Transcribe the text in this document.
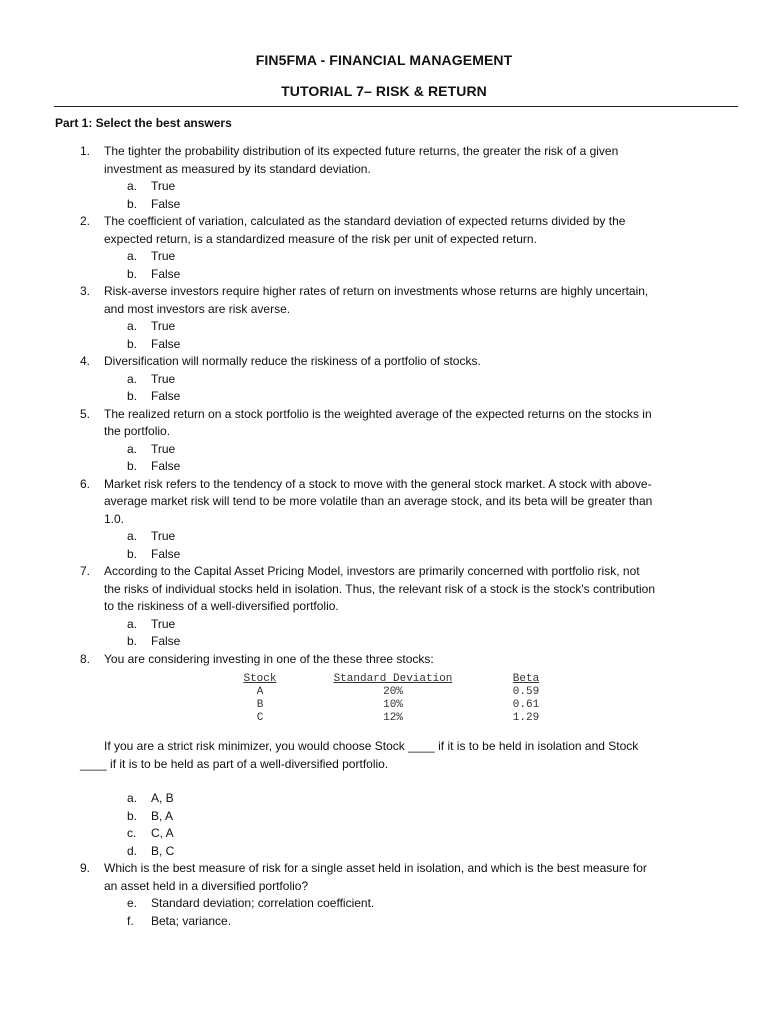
FIN5FMA - FINANCIAL MANAGEMENT
TUTORIAL 7– RISK & RETURN
Part 1: Select the best answers
1. The tighter the probability distribution of its expected future returns, the greater the risk of a given
investment as measured by its standard deviation.
a. True
b. False
2. The coefficient of variation, calculated as the standard deviation of expected returns divided by the
expected return, is a standardized measure of the risk per unit of expected return.
a. True
b. False
3. Risk-averse investors require higher rates of return on investments whose returns are highly uncertain,
and most investors are risk averse.
a. True
b. False
4. Diversification will normally reduce the riskiness of a portfolio of stocks.
a. True
b. False
5. The realized return on a stock portfolio is the weighted average of the expected returns on the stocks in
the portfolio.
a. True
b. False
6. Market risk refers to the tendency of a stock to move with the general stock market. A stock with above-
average market risk will tend to be more volatile than an average stock, and its beta will be greater than
1.0.
a. True
b. False
7. According to the Capital Asset Pricing Model, investors are primarily concerned with portfolio risk, not
the risks of individual stocks held in isolation. Thus, the relevant risk of a stock is the stock's contribution
to the riskiness of a well-diversified portfolio.
a. True
b. False
8. You are considering investing in one of the these three stocks:
Stock	Standard Deviation	Beta
A	20%	0.59
B	10%	0.61
C	12%	1.29
If you are a strict risk minimizer, you would choose Stock ____ if it is to be held in isolation and Stock
____ if it is to be held as part of a well-diversified portfolio.
a. A, B
b. B, A
c. C, A
d. B, C
9. Which is the best measure of risk for a single asset held in isolation, and which is the best measure for
an asset held in a diversified portfolio?
e. Standard deviation; correlation coefficient.
f. Beta; variance.
